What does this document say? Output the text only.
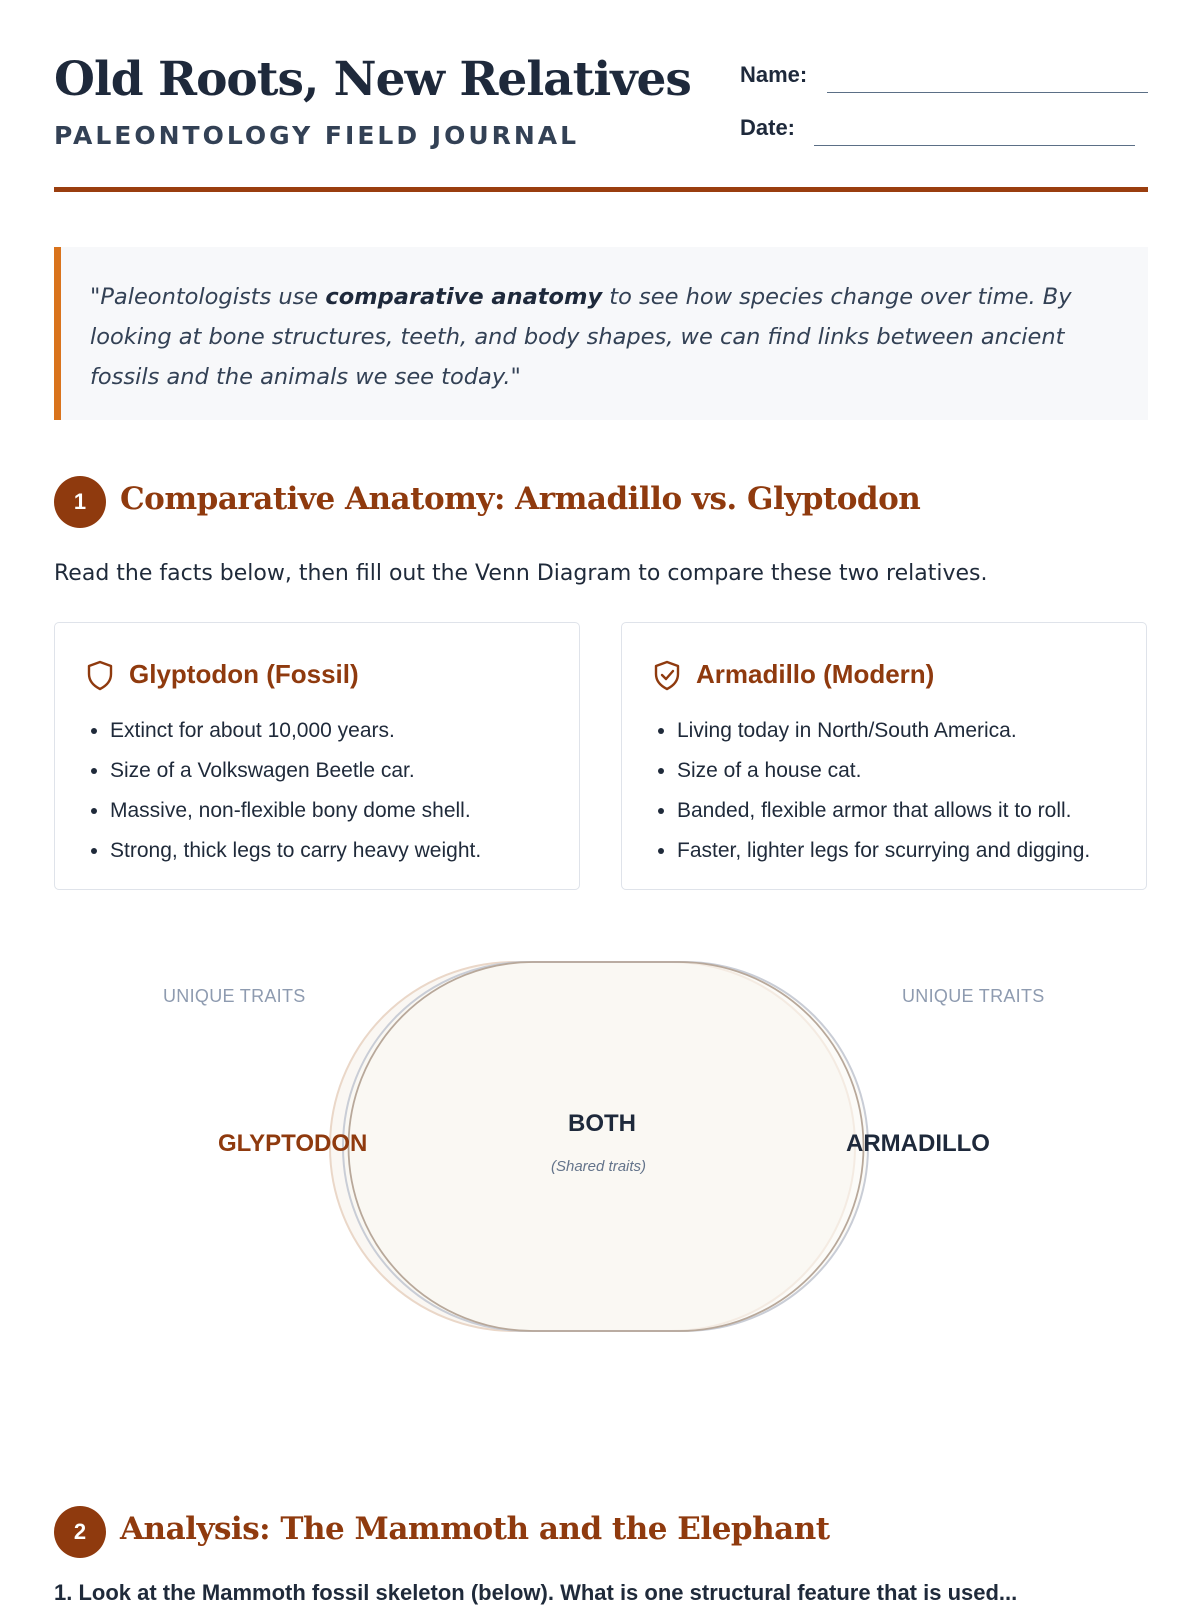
Old Roots, New Relatives
PALEONTOLOGY FIELD JOURNAL
Name:
Date:
"Paleontologists use comparative anatomy to see how species change over time. By looking at bone structures, teeth, and body shapes, we can find links between ancient fossils and the animals we see today."
1	Comparative Anatomy: Armadillo vs. Glyptodon
Read the facts below, then fill out the Venn Diagram to compare these two relatives.
Glyptodon (Fossil)
• Extinct for about 10,000 years.
• Size of a Volkswagen Beetle car.
• Massive, non-flexible bony dome shell.
• Strong, thick legs to carry heavy weight.
Armadillo (Modern)
• Living today in North/South America.
• Size of a house cat.
• Banded, flexible armor that allows it to roll.
• Faster, lighter legs for scurrying and digging.
UNIQUE TRAITS	UNIQUE TRAITS
GLYPTODON	ARMADILLO
BOTH
(Shared traits)
2	Analysis: The Mammoth and the Elephant
1. Look at the Mammoth fossil skeleton (below). What is one structural feature that is used...
